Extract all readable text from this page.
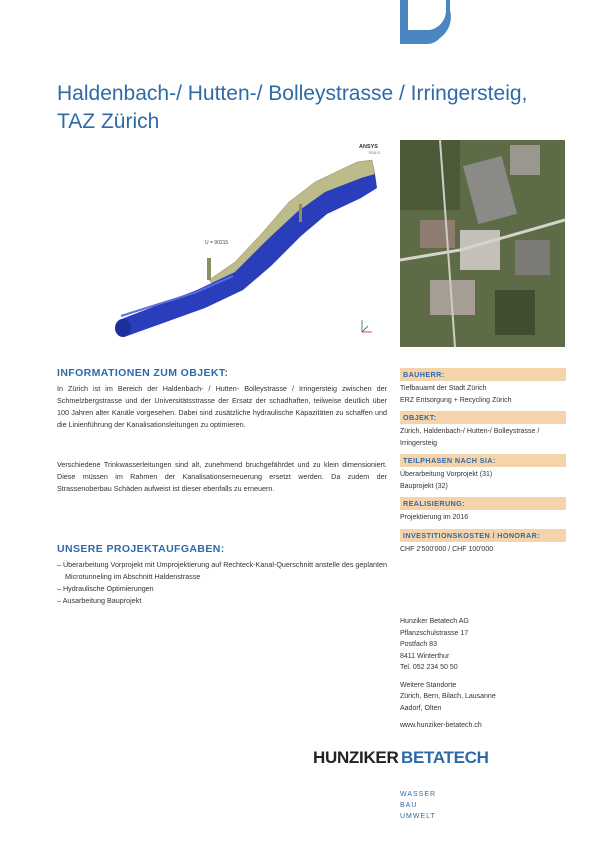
Haldenbach-/ Hutten-/ Bolleystrasse / Irringersteig,
TAZ Zürich
ANSYS
R15.0
U = 90215
INFORMATIONEN ZUM OBJEKT:
In Zürich ist im Bereich der Haldenbach- / Hutten- Bolleystrasse / Irringersteig zwischen der Schmelzbergstrasse und der Universitätsstrasse der Ersatz der schadhaften, teilweise deutlich über 100 Jahren alter Kanäle vorgesehen. Dabei sind zusätzliche hydraulische Kapazitäten zu schaffen und die Linienführung der Kanalisationsleitungen zu optimieren.
Verschiedene Trinkwasserleitungen sind alt, zunehmend bruchgefährdet und zu klein dimensioniert. Diese müssen im Rahmen der Kanalisationserneuerung ersetzt werden. Da zudem der Strassenoberbau Schäden aufweist ist dieser ebenfalls zu erneuern.
UNSERE PROJEKTAUFGABEN:
– Überarbeitung Vorprojekt mit Umprojektierung auf Rechteck-Kanal-Querschnitt anstelle des geplanten Microtunneling im Abschnitt Haldenstrasse
– Hydraulische Optimierungen
– Ausarbeitung Bauprojekt
BAUHERR:
Tiefbauamt der Stadt Zürich
ERZ Entsorgung + Recycling Zürich
OBJEKT:
Zürich, Haldenbach-/ Hutten-/ Bolleystrasse /
Irringersteig
TEILPHASEN NACH SIA:
Überarbeitung Vorprojekt (31)
Bauprojekt (32)
REALISIERUNG:
Projektierung im 2016
INVESTITIONSKOSTEN / HONORAR:
CHF 2'500'000 / CHF 100'000
Hunziker Betatech AG
Pflanzschulstrasse 17
Postfach 83
8411 Winterthur
Tel. 052 234 50 50
Weitere Standorte
Zürich, Bern, Bilach, Lausanne
Aadorf, Olten
www.hunziker-betatech.ch
HUNZIKER BETATECH
WASSER
BAU
UMWELT
